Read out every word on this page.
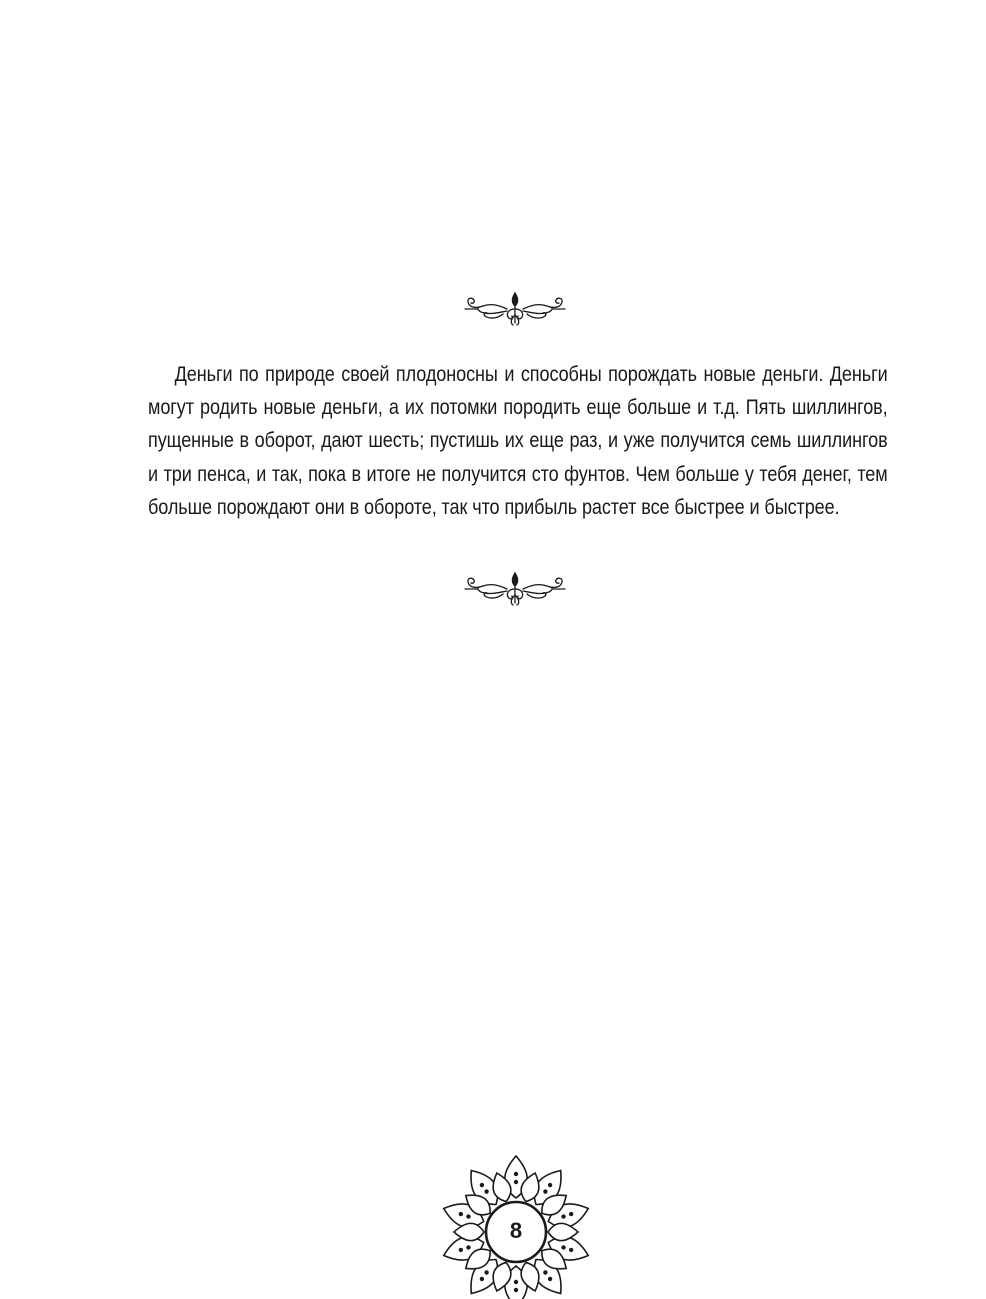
Деньги по природе своей плодоносны и способны порождать новые деньги. Деньги могут родить новые деньги, а их потомки породить еще больше и т.д. Пять шиллингов, пущенные в оборот, дают шесть; пустишь их еще раз, и уже получится семь шиллингов и три пенса, и так, пока в итоге не получится сто фунтов. Чем больше у тебя денег, тем больше порождают они в обороте, так что прибыль растет все быстрее и быстрее.

8
